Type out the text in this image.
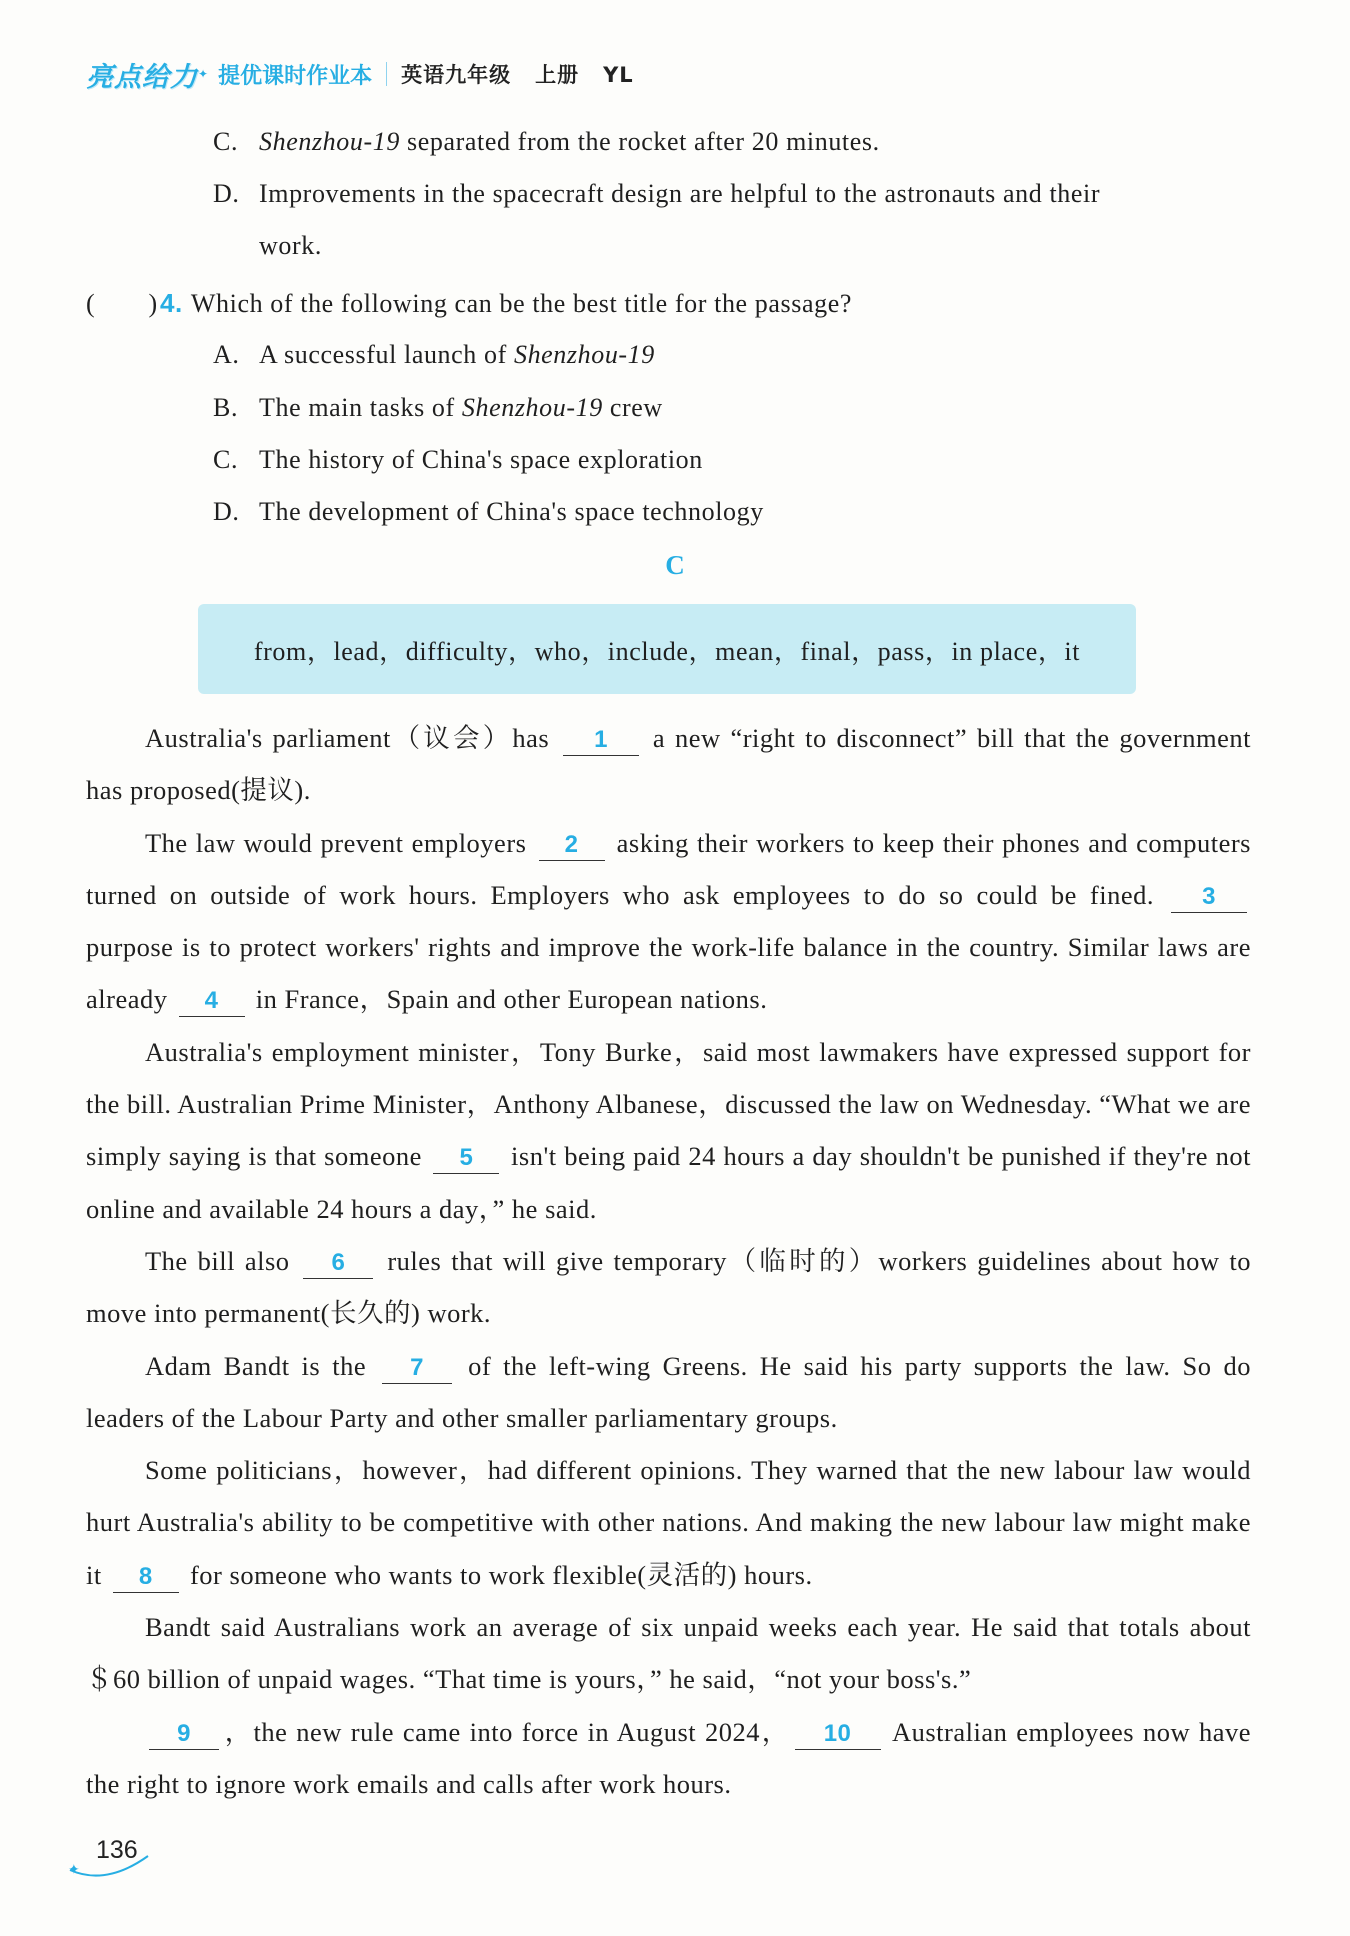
亮点给力 ✦ 提优课时作业本 英语九年级 上册 YL
C. Shenzhou-19 separated from the rocket after 20 minutes.
D. Improvements in the spacecraft design are helpful to the astronauts and their
work.
(　　)4. Which of the following can be the best title for the passage?
A. A successful launch of Shenzhou-19
B. The main tasks of Shenzhou-19 crew
C. The history of China's space exploration
D. The development of China's space technology
C
from，lead，difficulty，who，include，mean，final，pass，in place，it

Australia's parliament（议会）has 1 a new “right to disconnect” bill that the government has proposed(提议).

The law would prevent employers 2 asking their workers to keep their phones and computers turned on outside of work hours. Employers who ask employees to do so could be fined. 3 purpose is to protect workers' rights and improve the work-life balance in the country. Similar laws are already 4 in France，Spain and other European nations.

Australia's employment minister，Tony Burke，said most lawmakers have expressed support for the bill. Australian Prime Minister，Anthony Albanese，discussed the law on Wednesday. “What we are simply saying is that someone 5 isn't being paid 24 hours a day shouldn't be punished if they're not online and available 24 hours a day，” he said.

The bill also 6 rules that will give temporary（临时的）workers guidelines about how to move into permanent(长久的) work.

Adam Bandt is the 7 of the left-wing Greens. He said his party supports the law. So do leaders of the Labour Party and other smaller parliamentary groups.

Some politicians，however，had different opinions. They warned that the new labour law would hurt Australia's ability to be competitive with other nations. And making the new labour law might make it 8 for someone who wants to work flexible(灵活的) hours.

Bandt said Australians work an average of six unpaid weeks each year. He said that totals about ＄60 billion of unpaid wages. “That time is yours，” he said，“not your boss's.”

9 ，the new rule came into force in August 2024， 10 Australian employees now have the right to ignore work emails and calls after work hours.

✦
136
